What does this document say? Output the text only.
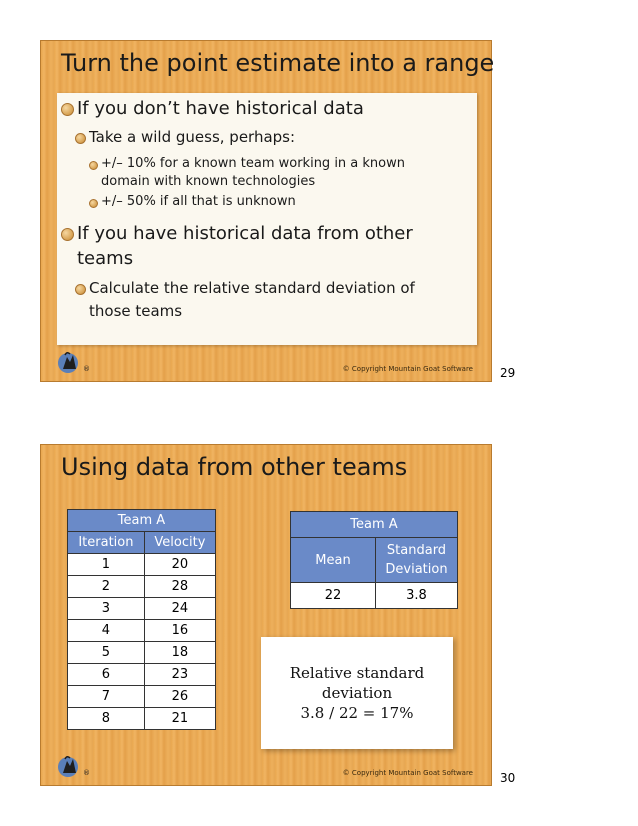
Turn the point estimate into a range

If you don’t have historical data

Take a wild guess, perhaps:

+/– 10% for a known team working in a known

domain with known technologies

+/– 50% if all that is unknown

If you have historical data from other

teams

Calculate the relative standard deviation of

those teams

®	© Copyright Mountain Goat Software 29
Using data from other teams
Team A	
Iteration	Velocity
1	20
2	28
3	24
4	16
5	18
6	23
7	26
8	21
Team A	
Mean	Standard
Deviation
22	3.8
Relative standard
deviation
3.8 / 22 = 17%
®	© Copyright Mountain Goat Software 30
